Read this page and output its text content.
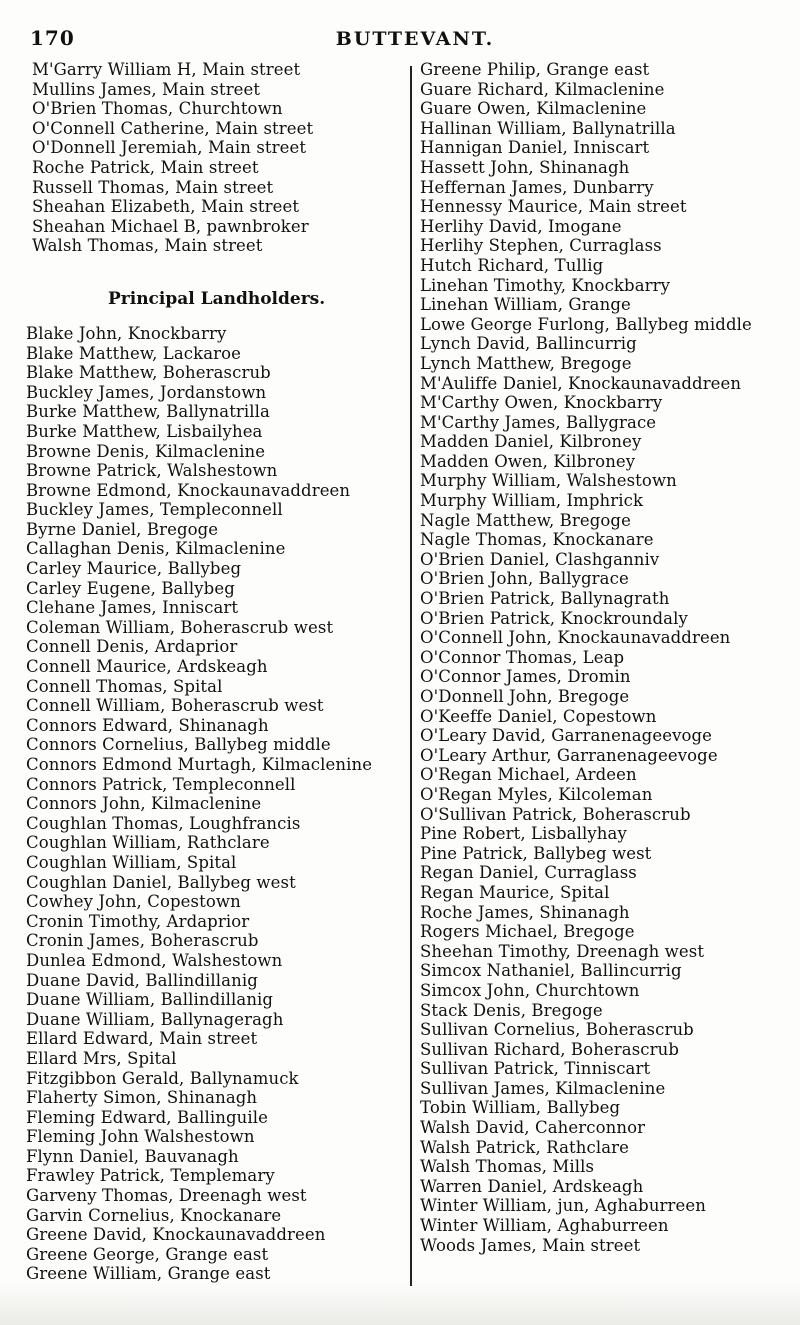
170	BUTTEVANT.
M'Garry William H, Main street
Mullins James, Main street
O'Brien Thomas, Churchtown
O'Connell Catherine, Main street
O'Donnell Jeremiah, Main street
Roche Patrick, Main street
Russell Thomas, Main street
Sheahan Elizabeth, Main street
Sheahan Michael B, pawnbroker
Walsh Thomas, Main street
Principal Landholders.
Blake John, Knockbarry
Blake Matthew, Lackaroe
Blake Matthew, Boherascrub
Buckley James, Jordanstown
Burke Matthew, Ballynatrilla
Burke Matthew, Lisbailyhea
Browne Denis, Kilmaclenine
Browne Patrick, Walshestown
Browne Edmond, Knockaunavaddreen
Buckley James, Templeconnell
Byrne Daniel, Bregoge
Callaghan Denis, Kilmaclenine
Carley Maurice, Ballybeg
Carley Eugene, Ballybeg
Clehane James, Inniscart
Coleman William, Boherascrub west
Connell Denis, Ardaprior
Connell Maurice, Ardskeagh
Connell Thomas, Spital
Connell William, Boherascrub west
Connors Edward, Shinanagh
Connors Cornelius, Ballybeg middle
Connors Edmond Murtagh, Kilmaclenine
Connors Patrick, Templeconnell
Connors John, Kilmaclenine
Coughlan Thomas, Loughfrancis
Coughlan William, Rathclare
Coughlan William, Spital
Coughlan Daniel, Ballybeg west
Cowhey John, Copestown
Cronin Timothy, Ardaprior
Cronin James, Boherascrub
Dunlea Edmond, Walshestown
Duane David, Ballindillanig
Duane William, Ballindillanig
Duane William, Ballynageragh
Ellard Edward, Main street
Ellard Mrs, Spital
Fitzgibbon Gerald, Ballynamuck
Flaherty Simon, Shinanagh
Fleming Edward, Ballinguile
Fleming John Walshestown
Flynn Daniel, Bauvanagh
Frawley Patrick, Templemary
Garveny Thomas, Dreenagh west
Garvin Cornelius, Knockanare
Greene David, Knockaunavaddreen
Greene George, Grange east
Greene William, Grange east
Greene Philip, Grange east
Guare Richard, Kilmaclenine
Guare Owen, Kilmaclenine
Hallinan William, Ballynatrilla
Hannigan Daniel, Inniscart
Hassett John, Shinanagh
Heffernan James, Dunbarry
Hennessy Maurice, Main street
Herlihy David, Imogane
Herlihy Stephen, Curraglass
Hutch Richard, Tullig
Linehan Timothy, Knockbarry
Linehan William, Grange
Lowe George Furlong, Ballybeg middle
Lynch David, Ballincurrig
Lynch Matthew, Bregoge
M'Auliffe Daniel, Knockaunavaddreen
M'Carthy Owen, Knockbarry
M'Carthy James, Ballygrace
Madden Daniel, Kilbroney
Madden Owen, Kilbroney
Murphy William, Walshestown
Murphy William, Imphrick
Nagle Matthew, Bregoge
Nagle Thomas, Knockanare
O'Brien Daniel, Clashganniv
O'Brien John, Ballygrace
O'Brien Patrick, Ballynagrath
O'Brien Patrick, Knockroundaly
O'Connell John, Knockaunavaddreen
O'Connor Thomas, Leap
O'Connor James, Dromin
O'Donnell John, Bregoge
O'Keeffe Daniel, Copestown
O'Leary David, Garranenageevoge
O'Leary Arthur, Garranenageevoge
O'Regan Michael, Ardeen
O'Regan Myles, Kilcoleman
O'Sullivan Patrick, Boherascrub
Pine Robert, Lisballyhay
Pine Patrick, Ballybeg west
Regan Daniel, Curraglass
Regan Maurice, Spital
Roche James, Shinanagh
Rogers Michael, Bregoge
Sheehan Timothy, Dreenagh west
Simcox Nathaniel, Ballincurrig
Simcox John, Churchtown
Stack Denis, Bregoge
Sullivan Cornelius, Boherascrub
Sullivan Richard, Boherascrub
Sullivan Patrick, Tinniscart
Sullivan James, Kilmaclenine
Tobin William, Ballybeg
Walsh David, Caherconnor
Walsh Patrick, Rathclare
Walsh Thomas, Mills
Warren Daniel, Ardskeagh
Winter William, jun, Aghaburreen
Winter William, Aghaburreen
Woods James, Main street
